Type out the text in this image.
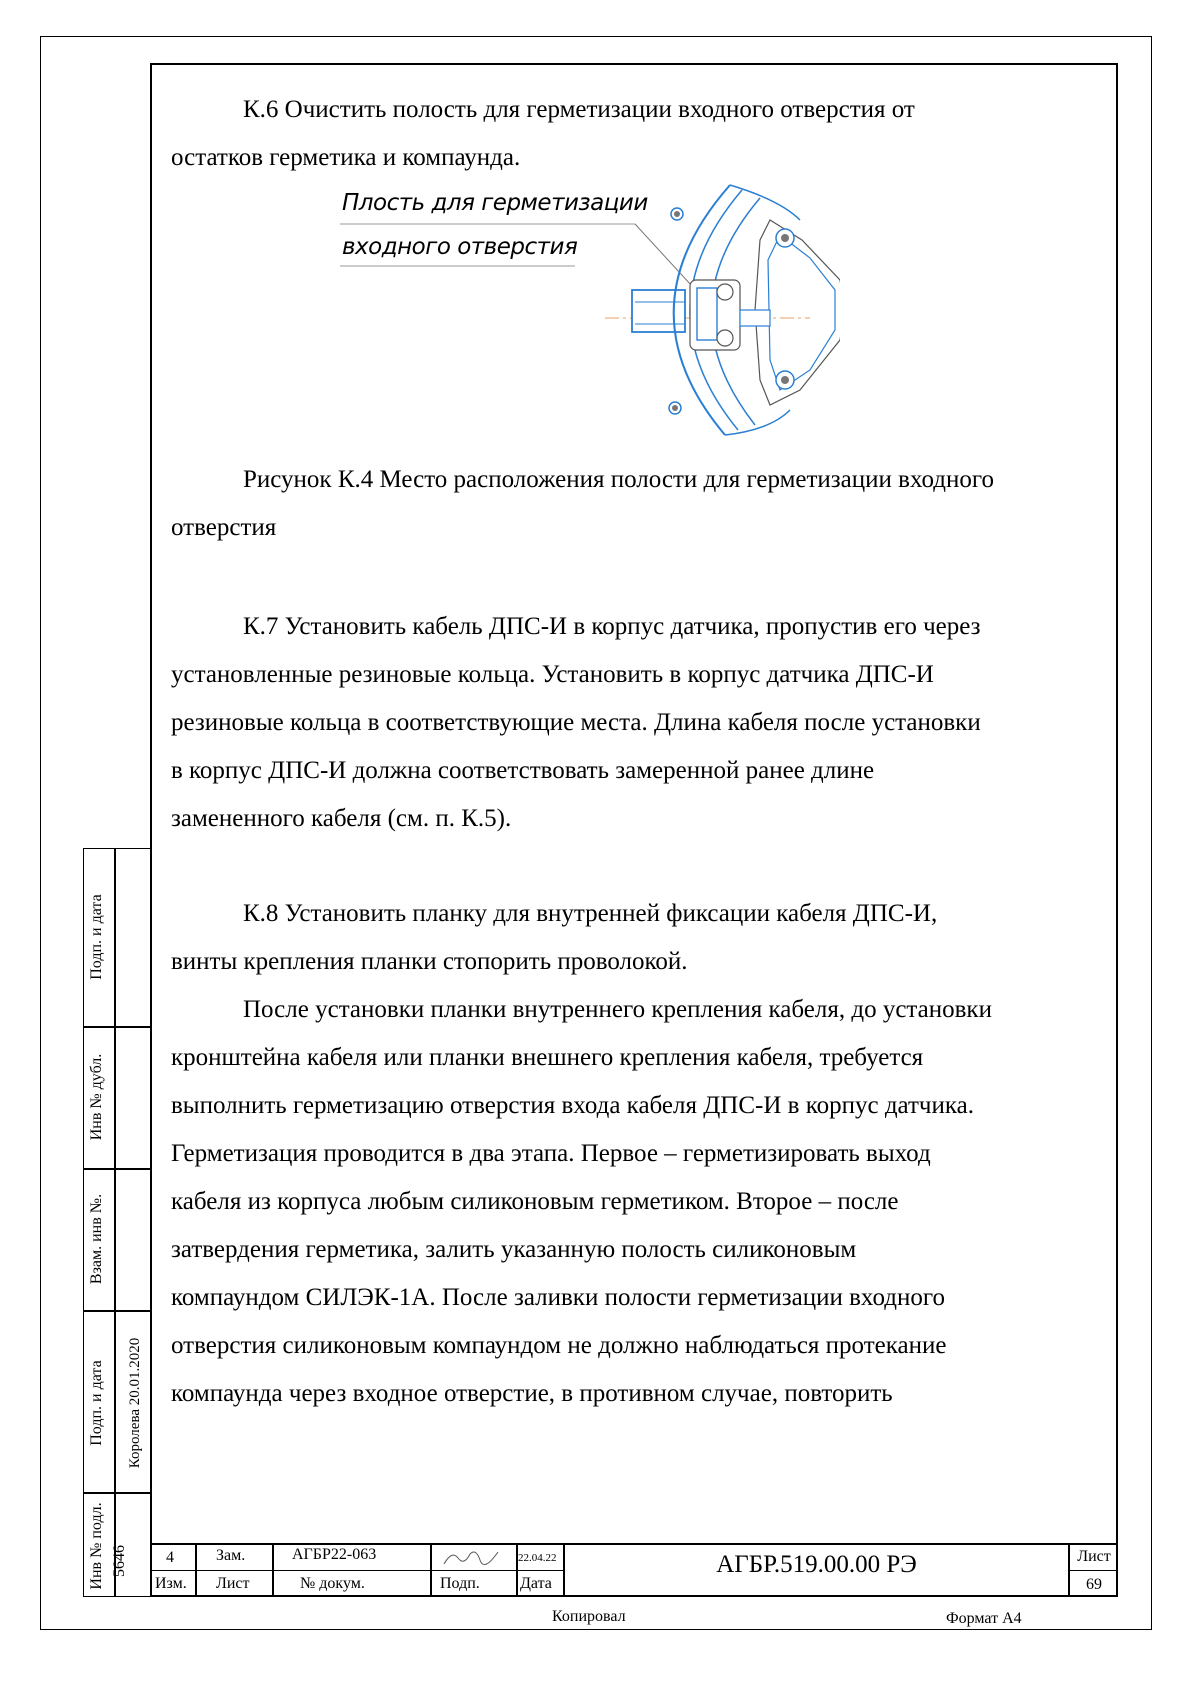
К.6 Очистить полость для герметизации входного отверстия от
остатков герметика и компаунда.
Плость для герметизации
входного отверстия
Рисунок К.4 Место расположения полости для герметизации входного
отверстия
К.7 Установить кабель ДПС-И в корпус датчика, пропустив его через
установленные резиновые кольца. Установить в корпус датчика ДПС-И
резиновые кольца в соответствующие места. Длина кабеля после установки
в корпус ДПС-И должна соответствовать замеренной ранее длине
замененного кабеля (см. п. К.5).
К.8 Установить планку для внутренней фиксации кабеля ДПС-И,
винты крепления планки стопорить проволокой.
После установки планки внутреннего крепления кабеля, до установки
кронштейна кабеля или планки внешнего крепления кабеля, требуется
выполнить герметизацию отверстия входа кабеля ДПС-И в корпус датчика.
Герметизация проводится в два этапа. Первое – герметизировать выход
кабеля из корпуса любым силиконовым герметиком. Второе – после
затвердения герметика, залить указанную полость силиконовым
компаундом СИЛЭК-1А. После заливки полости герметизации входного
отверстия силиконовым компаундом не должно наблюдаться протекание
компаунда через входное отверстие, в противном случае, повторить
Подп. и дата
Инв № дубл.
Взам. инв №.
Подп. и дата	Королева 20.01.2020
Инв № подл. 5646	4	Зам.	АГБР22-063	22.04.22
Изм. Лист	№ докум.	Подп.	Дата
АГБР.519.00.00 РЭ	Лист
69
Копировал	Формат А4
